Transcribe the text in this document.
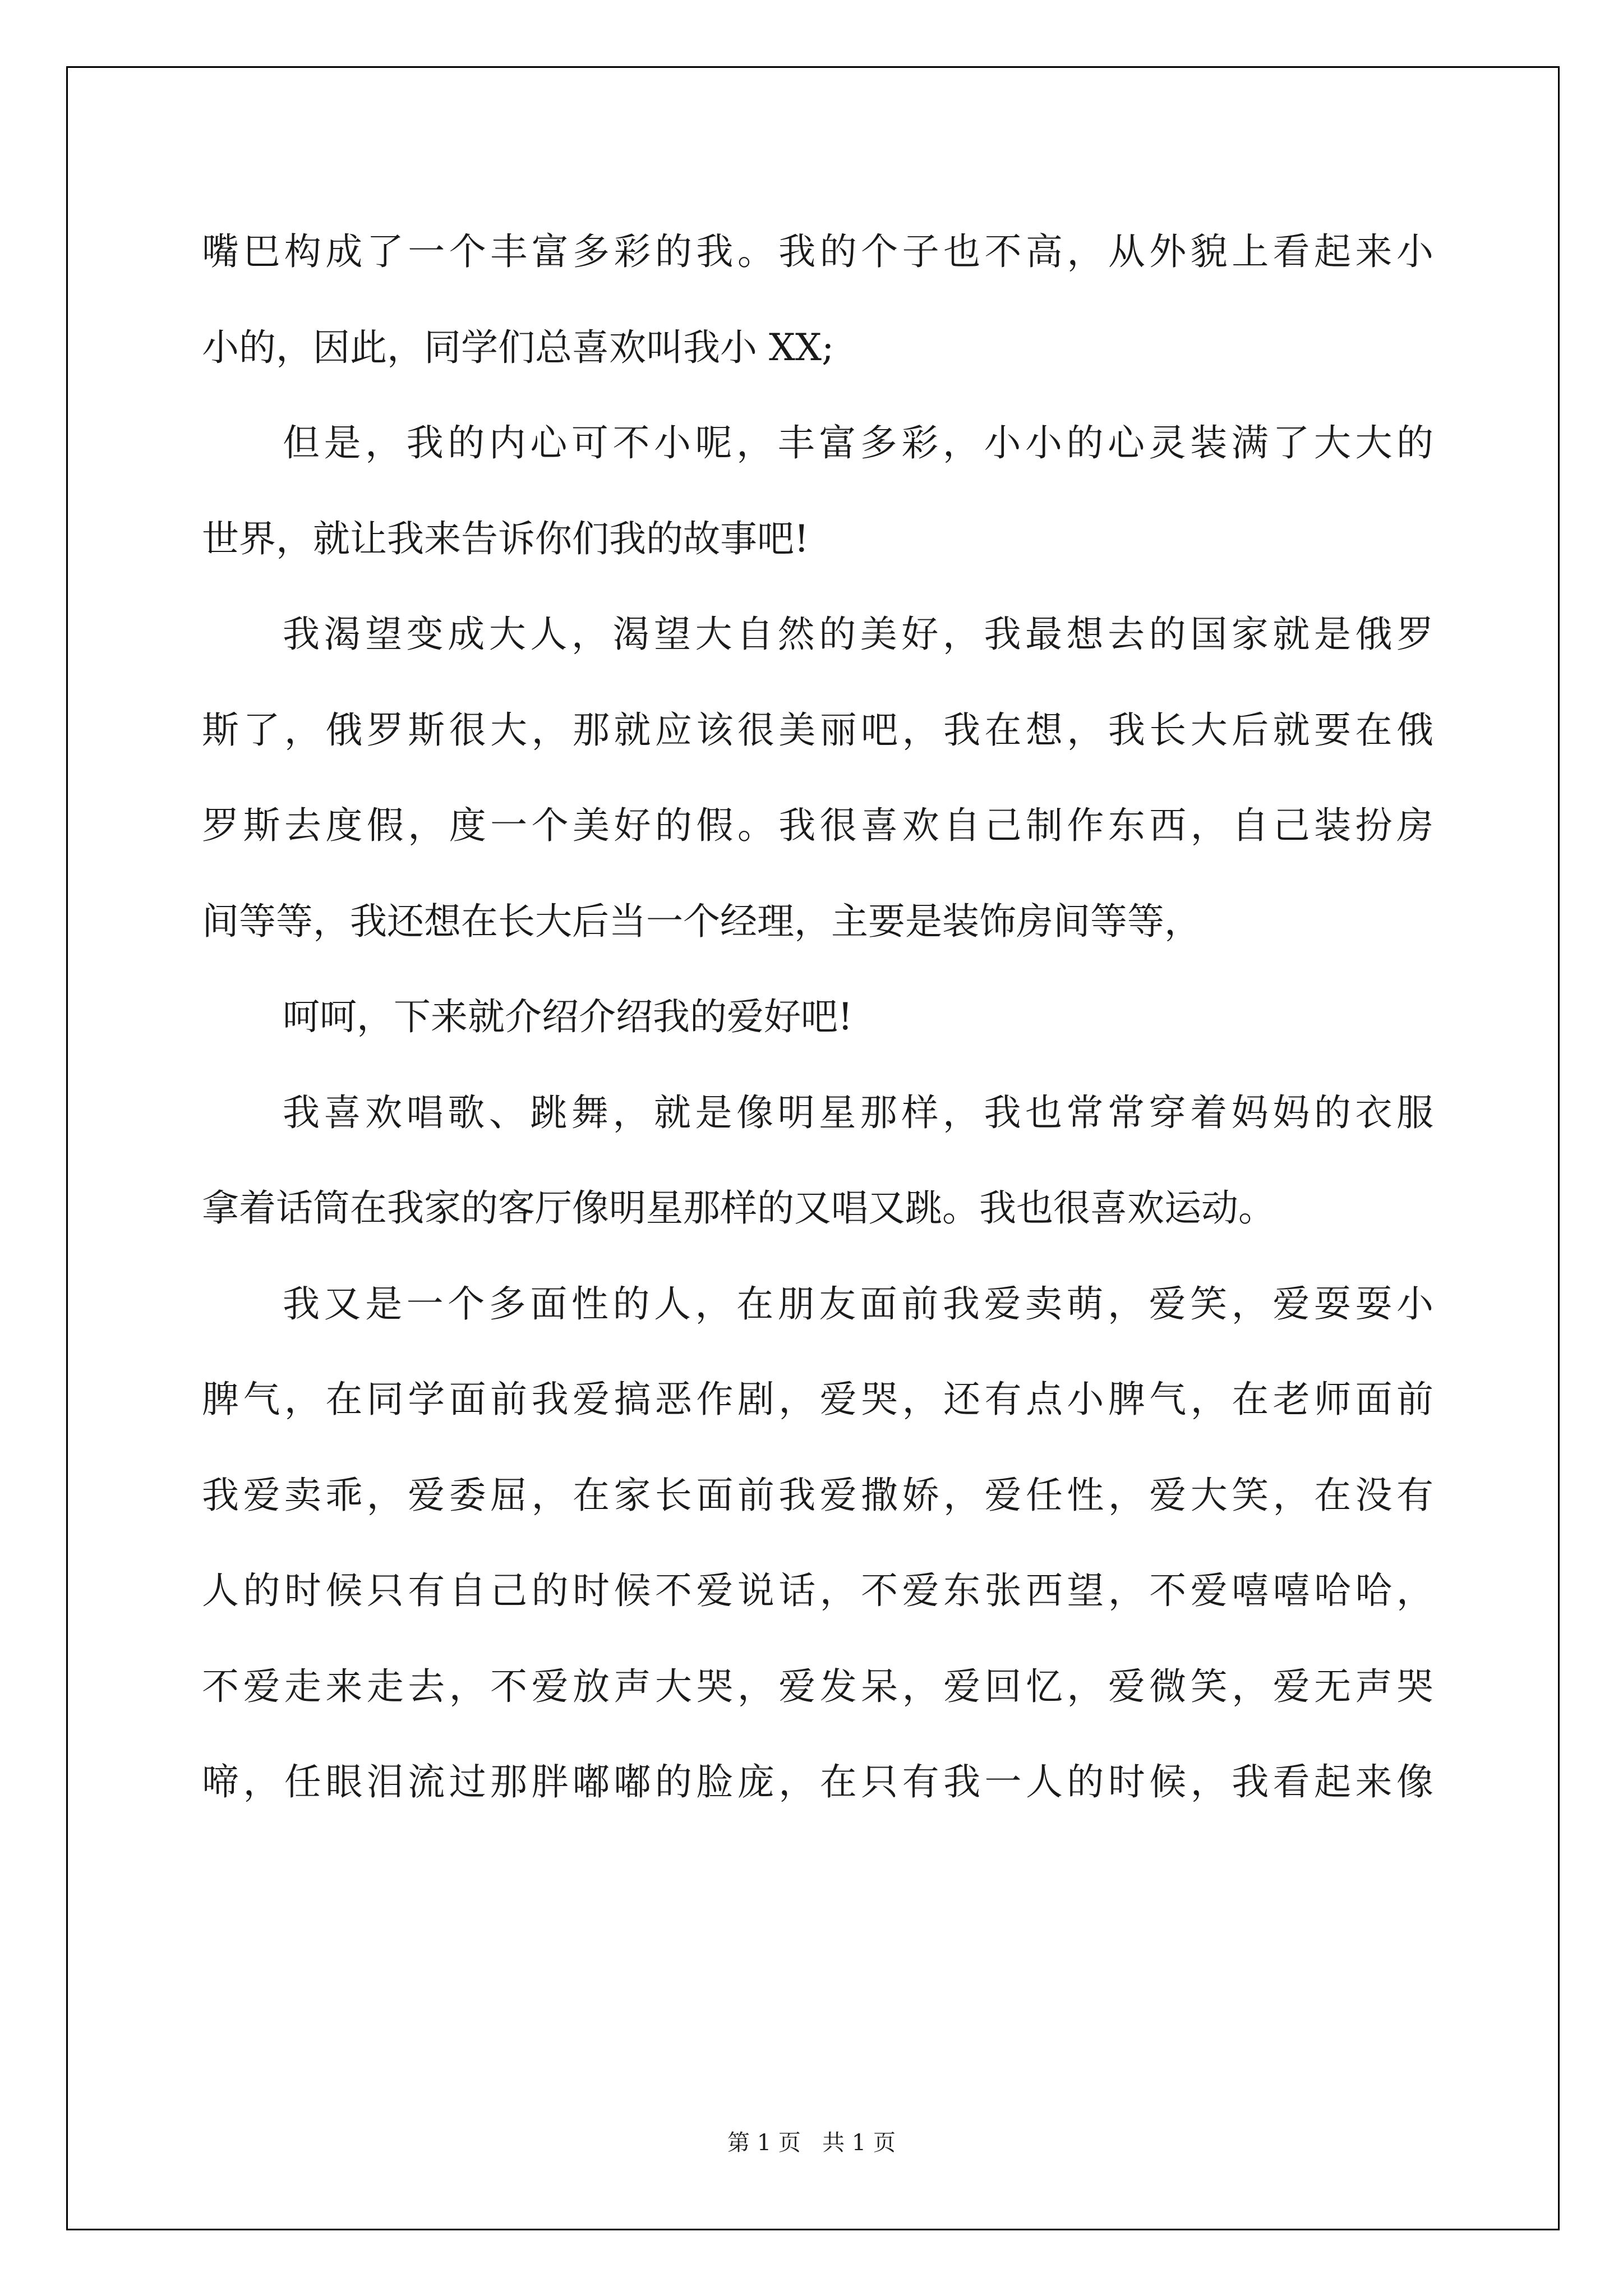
嘴巴构成了一个丰富多彩的我。我的个子也不高，从外貌上看起来小
小的，因此，同学们总喜欢叫我小 XX;
但是，我的内心可不小呢，丰富多彩，小小的心灵装满了大大的
世界，就让我来告诉你们我的故事吧!
我渴望变成大人，渴望大自然的美好，我最想去的国家就是俄罗
斯了，俄罗斯很大，那就应该很美丽吧，我在想，我长大后就要在俄
罗斯去度假，度一个美好的假。我很喜欢自己制作东西，自己装扮房
间等等，我还想在长大后当一个经理，主要是装饰房间等等，
呵呵，下来就介绍介绍我的爱好吧!
我喜欢唱歌、跳舞，就是像明星那样，我也常常穿着妈妈的衣服
拿着话筒在我家的客厅像明星那样的又唱又跳。我也很喜欢运动。
我又是一个多面性的人，在朋友面前我爱卖萌，爱笑，爱耍耍小
脾气，在同学面前我爱搞恶作剧，爱哭，还有点小脾气，在老师面前
我爱卖乖，爱委屈，在家长面前我爱撒娇，爱任性，爱大笑，在没有
人的时候只有自己的时候不爱说话，不爱东张西望，不爱嘻嘻哈哈，
不爱走来走去，不爱放声大哭，爱发呆，爱回忆，爱微笑，爱无声哭
啼，任眼泪流过那胖嘟嘟的脸庞，在只有我一人的时候，我看起来像
第 1 页   共 1 页
